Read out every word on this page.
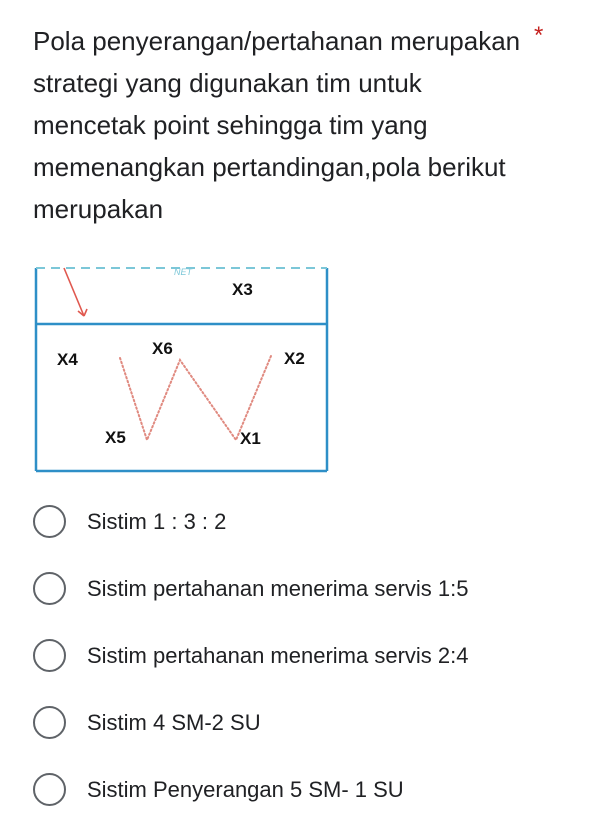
Pola penyerangan/pertahanan merupakan strategi yang digunakan tim untuk mencetak point sehingga tim yang memenangkan pertandingan,pola berikut merupakan
*
NET
X3
X4
X6
X2
X5	X1
Sistim 1 : 3 : 2
Sistim pertahanan menerima servis 1:5
Sistim pertahanan menerima servis 2:4
Sistim 4 SM-2 SU
Sistim Penyerangan 5 SM- 1 SU
